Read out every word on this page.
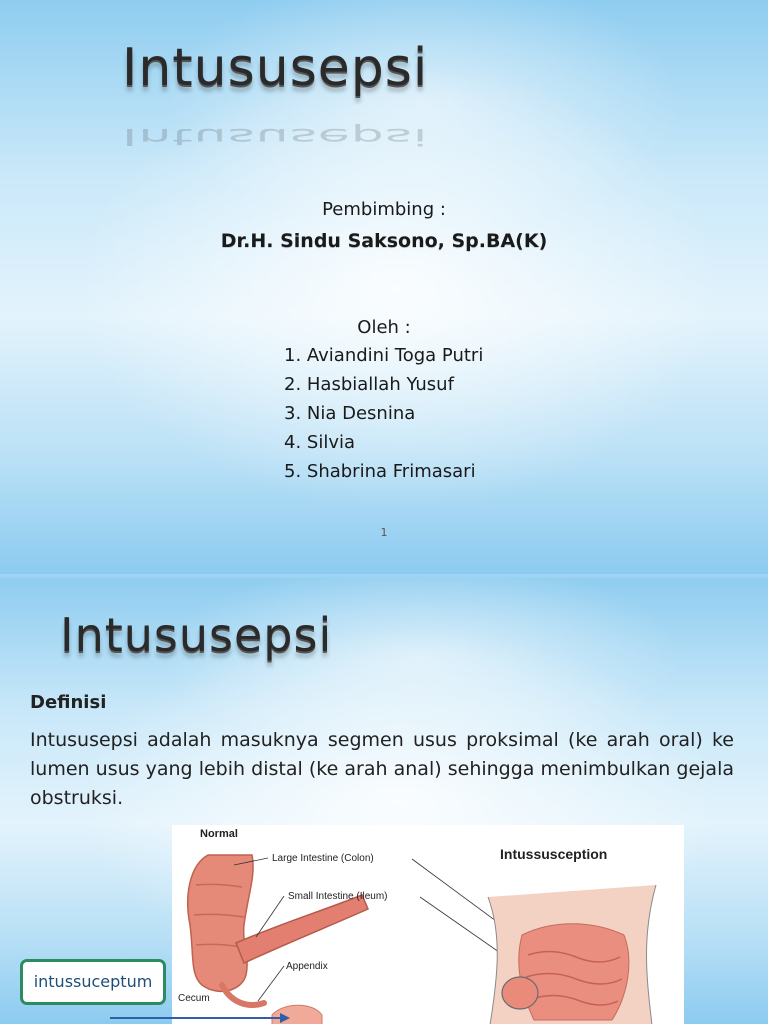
Intususepsi
Intususepsi
Pembimbing :
Dr.H. Sindu Saksono, Sp.BA(K)
Oleh :
1. Aviandini Toga Putri
2. Hasbiallah Yusuf
3. Nia Desnina
4. Silvia
5. Shabrina Frimasari
1
Intususepsi
Definisi
Intususepsi adalah masuknya segmen usus proksimal (ke arah oral) ke lumen usus yang lebih distal (ke arah anal) sehingga menimbulkan gejala obstruksi.
Normal
Large Intestine (Colon)
Small Intestine (Ileum)
Appendix
Cecum
Intussusception
intussuceptum
